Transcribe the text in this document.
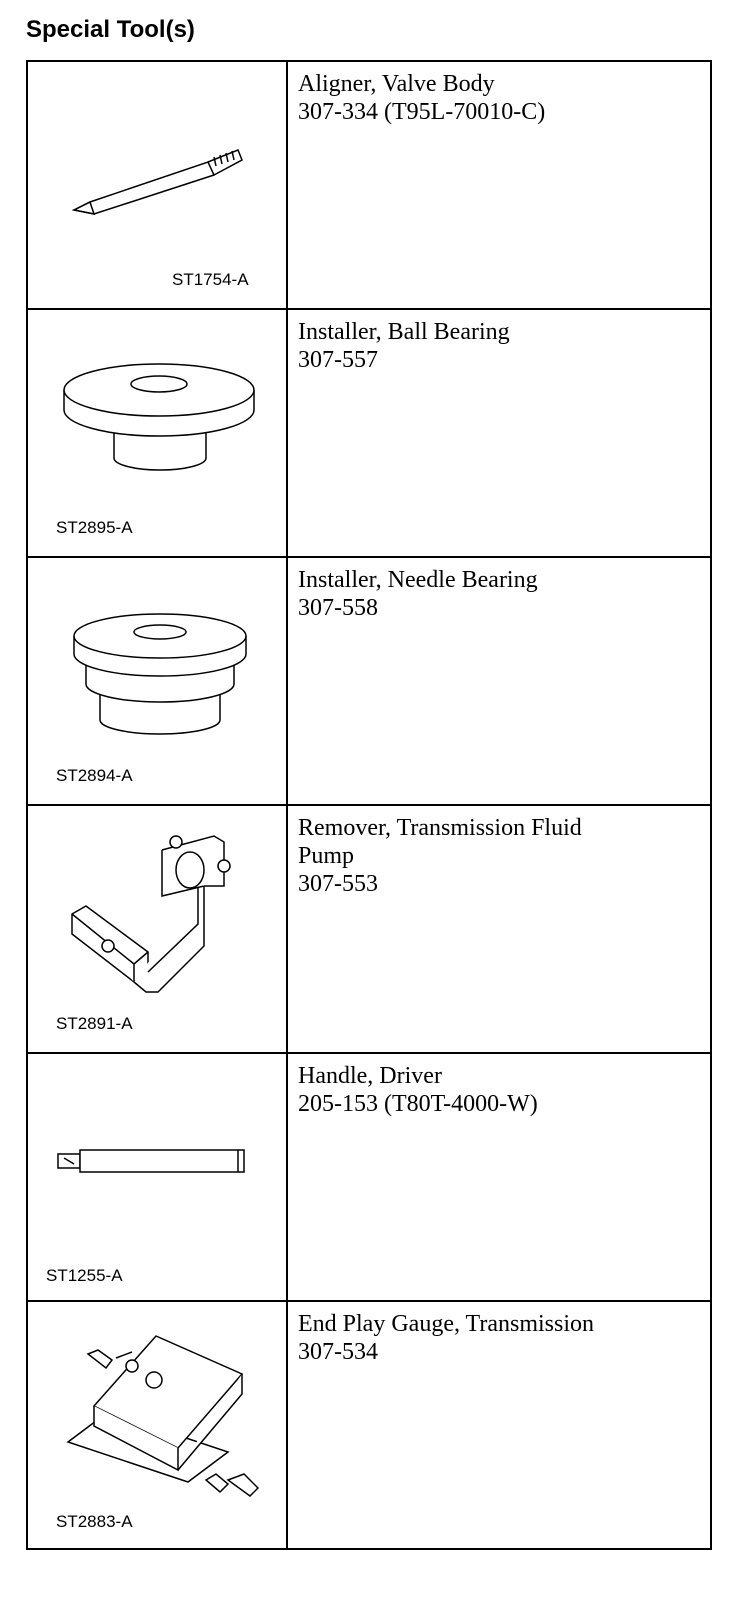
Special Tool(s)
ST1754-A	Aligner, Valve Body
307-334 (T95L-70010-C)

ST2895-A	Installer, Ball Bearing
307-557

ST2894-A	Installer, Needle Bearing
307-558

ST2891-A	Remover, Transmission Fluid
Pump
307-553

ST1255-A	Handle, Driver
205-153 (T80T-4000-W)

ST2883-A	End Play Gauge, Transmission
307-534
